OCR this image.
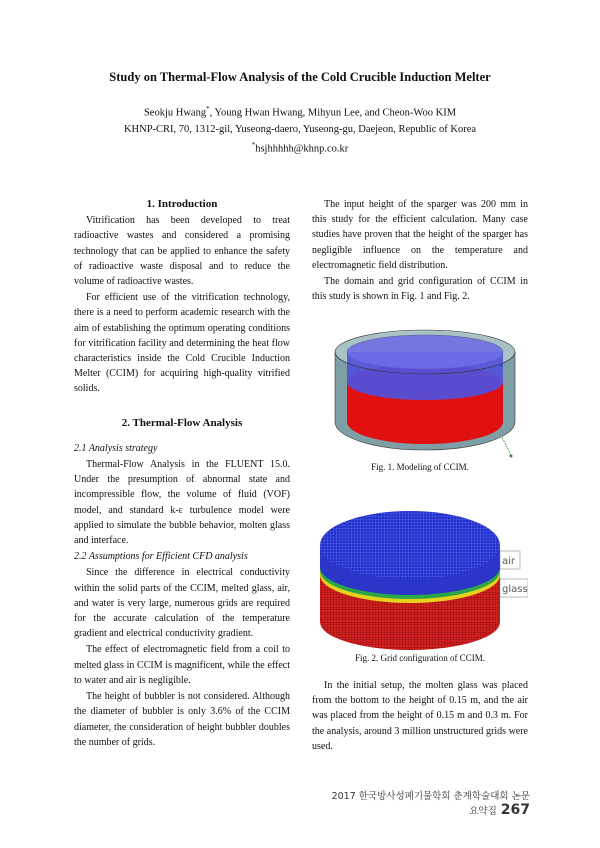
Study on Thermal-Flow Analysis of the Cold Crucible Induction Melter
Seokju Hwang*, Young Hwan Hwang, Mihyun Lee, and Cheon-Woo KIM
KHNP-CRI, 70, 1312-gil, Yuseong-daero, Yuseong-gu, Daejeon, Republic of Korea
*hsjhhhhh@khnp.co.kr

1. Introduction

Vitrification has been developed to treat radioactive wastes and considered a promising technology that can be applied to enhance the safety of radioactive waste disposal and to reduce the volume of radioactive wastes.

For efficient use of the vitrification technology, there is a need to perform academic research with the aim of establishing the optimum operating conditions for vitrification facility and determining the heat flow characteristics inside the Cold Crucible Induction Melter (CCIM) for acquiring high-quality vitrified solids.

2. Thermal-Flow Analysis

2.1 Analysis strategy

Thermal-Flow Analysis in the FLUENT 15.0. Under the presumption of abnormal state and incompressible flow, the volume of fluid (VOF) model, and standard k-ε turbulence model were applied to simulate the bubble behavior, molten glass and interface.

2.2 Assumptions for Efficient CFD analysis

Since the difference in electrical conductivity within the solid parts of the CCIM, melted glass, air, and water is very large, numerous grids are required for the accurate calculation of the temperature gradient and electrical conductivity gradient.

The effect of electromagnetic field from a coil to melted glass in CCIM is magnificent, while the effect to water and air is negligible.

The height of bubbler is not considered. Although the diameter of bubbler is only 3.6% of the CCIM diameter, the consideration of height bubbler doubles the number of grids.

The input height of the sparger was 200 mm in this study for the efficient calculation. Many case studies have proven that the height of the sparger has negligible influence on the temperature and electromagnetic field distribution.

The domain and grid configuration of CCIM in this study is shown in Fig. 1 and Fig. 2.

Fig. 1. Modeling of CCIM.
air
glass
Fig. 2. Grid configuration of CCIM.

In the initial setup, the molten glass was placed from the bottom to the height of 0.15 m, and the air was placed from the height of 0.15 m and 0.3 m. For the analysis, around 3 million unstructured grids were used.

2017 한국방사성폐기물학회 춘계학술대회 논문요약집 267
